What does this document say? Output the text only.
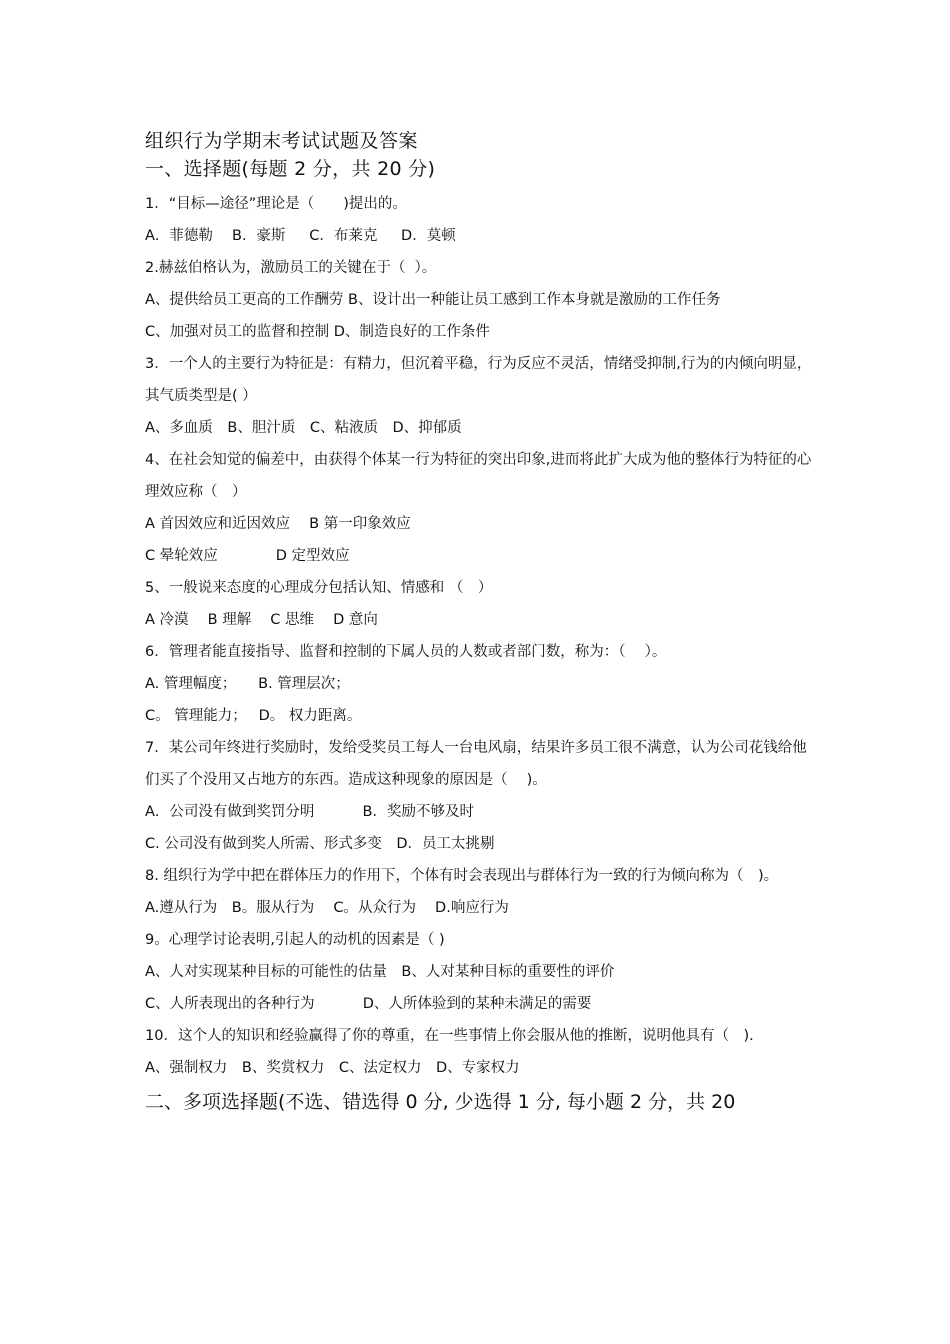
组织行为学期末考试试题及答案
一、选择题(每题 2 分，共 20 分)
1．“目标—途径”理论是（　　)提出的。
A．菲德勒　 B．豪斯　  C．布莱克　  D．莫顿
2.赫兹伯格认为，激励员工的关键在于（  ）。
A、提供给员工更高的工作酬劳 B、设计出一种能让员工感到工作本身就是激励的工作任务
C、加强对员工的监督和控制 D、制造良好的工作条件
3．一个人的主要行为特征是：有精力，但沉着平稳，行为反应不灵活，情绪受抑制,行为的内倾向明显，其气质类型是( ）
A、多血质　B、胆汁质　C、粘液质　D、抑郁质
4、在社会知觉的偏差中，由获得个体某一行为特征的突出印象,进而将此扩大成为他的整体行为特征的心理效应称（　）
A 首因效应和近因效应　 B 第一印象效应
C 晕轮效应　　　　D 定型效应
5、一般说来态度的心理成分包括认知、情感和 （　）
A 冷漠　 B 理解　 C 思维　 D 意向
6．管理者能直接指导、监督和控制的下属人员的人数或者部门数，称为：（　 ）。
A. 管理幅度；　　B. 管理层次；
C。 管理能力；　 D。 权力距离。
7．某公司年终进行奖励时，发给受奖员工每人一台电风扇，结果许多员工很不满意，认为公司花钱给他们买了个没用又占地方的东西。造成这种现象的原因是（　 )。
A．公司没有做到奖罚分明　　　 B．奖励不够及时
C. 公司没有做到奖人所需、形式多变　D．员工太挑剔
8. 组织行为学中把在群体压力的作用下，个体有时会表现出与群体行为一致的行为倾向称为（　)。
A.遵从行为　B。服从行为　 C。从众行为　 D.响应行为
9。心理学讨论表明,引起人的动机的因素是（ )
A、人对实现某种目标的可能性的估量　B、人对某种目标的重要性的评价
C、人所表现出的各种行为　　　 D、人所体验到的某种未满足的需要
10．这个人的知识和经验赢得了你的尊重，在一些事情上你会服从他的推断，说明他具有（　).
A、强制权力　B、奖赏权力　C、法定权力　D、专家权力
二、多项选择题(不选、错选得 0 分, 少选得 1 分, 每小题 2 分，共 20
